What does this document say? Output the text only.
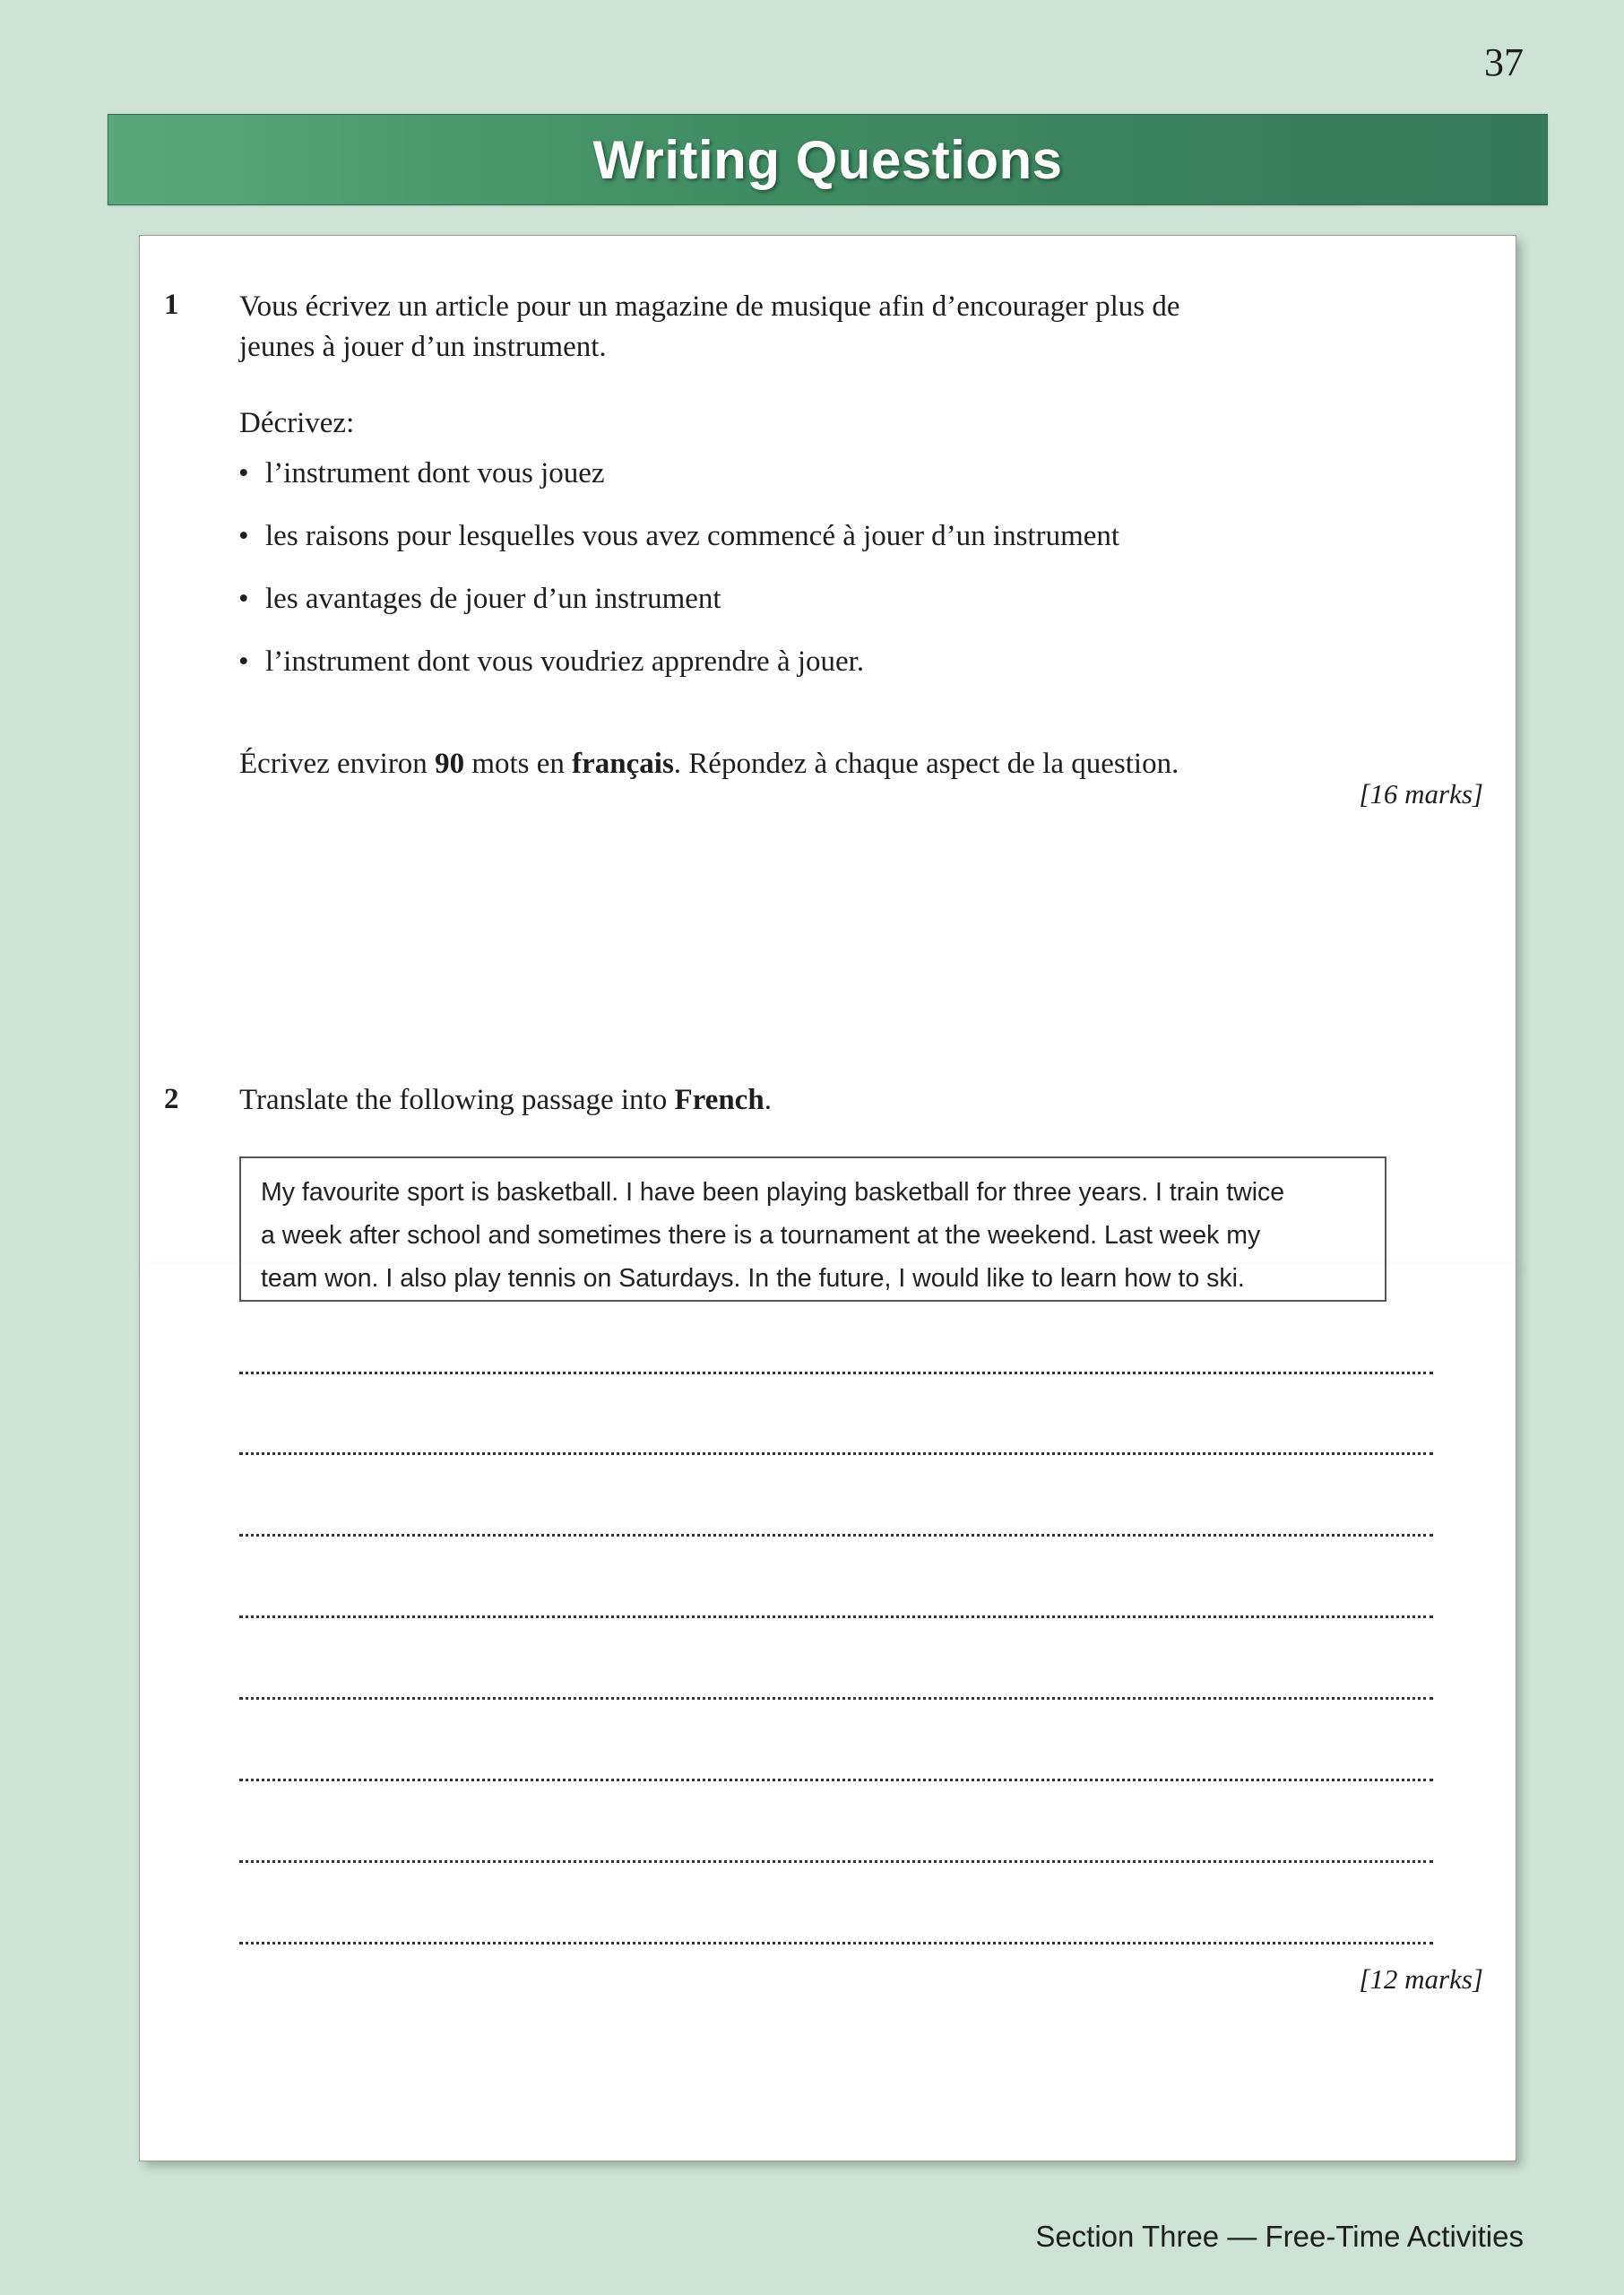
37
Writing Questions
1 Vous écrivez un article pour un magazine de musique afin d’encourager plus de
jeunes à jouer d’un instrument.
Décrivez:
• l’instrument dont vous jouez
• les raisons pour lesquelles vous avez commencé à jouer d’un instrument
• les avantages de jouer d’un instrument
• l’instrument dont vous voudriez apprendre à jouer.
Écrivez environ 90 mots en français. Répondez à chaque aspect de la question.
[16 marks]
2 Translate the following passage into French.
My favourite sport is basketball. I have been playing basketball for three years. I train twice
a week after school and sometimes there is a tournament at the weekend. Last week my
team won. I also play tennis on Saturdays. In the future, I would like to learn how to ski.
[12 marks]
Section Three — Free-Time Activities
